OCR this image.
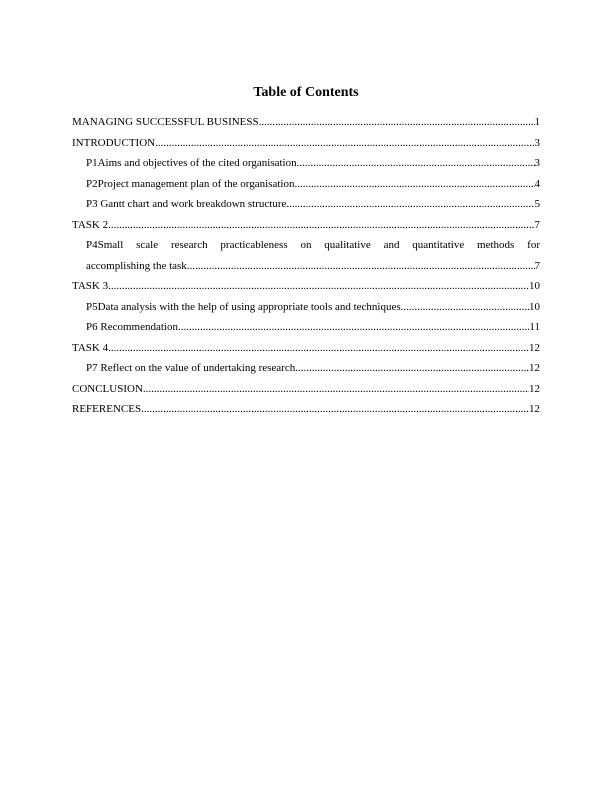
Table of Contents
MANAGING SUCCESSFUL BUSINESS .....	1
INTRODUCTION .....	3
P1Aims and objectives of the cited organisation .....	3
P2Project management plan of the organisation .....	4
P3 Gantt chart and work breakdown structure .....	5
TASK 2 .....	7
P4Small scale research practicableness on qualitative and quantitative methods for
accomplishing the task .....	7
TASK 3 .....	10
P5Data analysis with the help of using appropriate tools and techniques .....	10
P6 Recommendation .....	11
TASK 4 .....	12
P7 Reflect on the value of undertaking research .....	12
CONCLUSION .....	12
REFERENCES .....	12
